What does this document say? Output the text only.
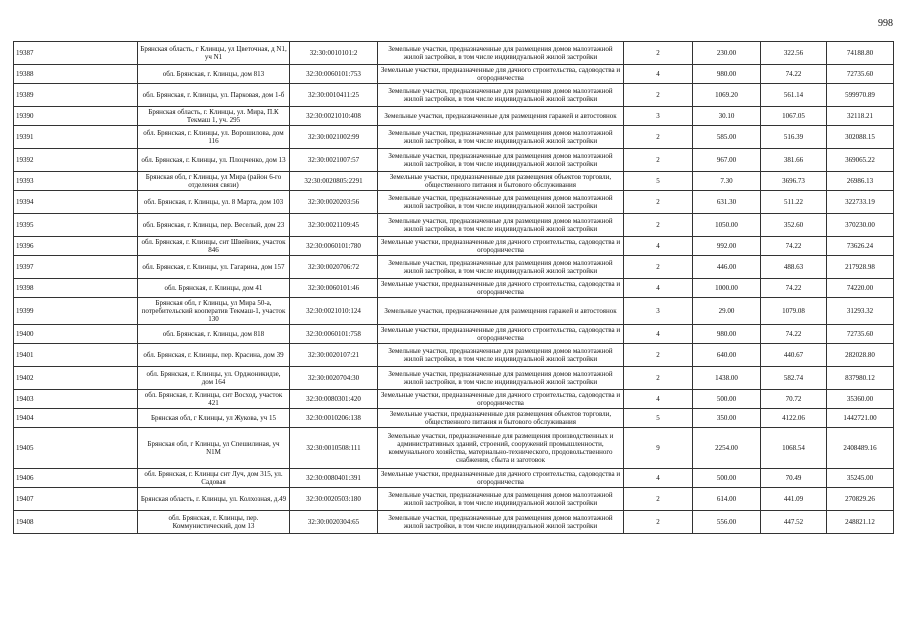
998
19387	Брянская область, г Клинцы, ул Цветочная, д N1, уч N1	32:30:0010101:2	Земельные участки, предназначенные для размещения домов малоэтажной жилой застройки, в том числе индивидуальной жилой застройки	2	230.00	322.56	74188.80
19388	обл. Брянская, г. Клинцы, дом 813	32:30:0060101:753	Земельные участки, предназначенные для дачного строительства, садоводства и огородничества	4	980.00	74.22	72735.60
19389	обл. Брянская, г. Клинцы, ул. Парковая, дом 1-б	32:30:0010411:25	Земельные участки, предназначенные для размещения домов малоэтажной жилой застройки, в том числе индивидуальной жилой застройки	2	1069.20	561.14	599970.89
19390	Брянская область, г. Клинцы, ул. Мира, П.К Текмаш 1, уч. 295	32:30:0021010:408	Земельные участки, предназначенные для размещения гаражей и автостоянок	3	30.10	1067.05	32118.21
19391	обл. Брянская, г. Клинцы, ул. Ворошилова, дом 116	32:30:0021002:99	Земельные участки, предназначенные для размещения домов малоэтажной жилой застройки, в том числе индивидуальной жилой застройки	2	585.00	516.39	302088.15
19392	обл. Брянская, г. Клинцы, ул. Плоцченко, дом 13	32:30:0021007:57	Земельные участки, предназначенные для размещения домов малоэтажной жилой застройки, в том числе индивидуальной жилой застройки	2	967.00	381.66	369065.22
19393	Брянская обл, г Клинцы, ул Мира (район 6-го отделения связи)	32:30:0020805:2291	Земельные участки, предназначенные для размещения объектов торговли, общественного питания и бытового обслуживания	5	7.30	3696.73	26986.13
19394	обл. Брянская, г. Клинцы, ул. 8 Марта, дом 103	32:30:0020203:56	Земельные участки, предназначенные для размещения домов малоэтажной жилой застройки, в том числе индивидуальной жилой застройки	2	631.30	511.22	322733.19
19395	обл. Брянская, г. Клинцы, пер. Веселый, дом 23	32:30:0021109:45	Земельные участки, предназначенные для размещения домов малоэтажной жилой застройки, в том числе индивидуальной жилой застройки	2	1050.00	352.60	370230.00
19396	обл. Брянская, г. Клинцы, снт Швейник, участок 846	32:30:0060101:780	Земельные участки, предназначенные для дачного строительства, садоводства и огородничества	4	992.00	74.22	73626.24
19397	обл. Брянская, г. Клинцы, ул. Гагарина, дом 157	32:30:0020706:72	Земельные участки, предназначенные для размещения домов малоэтажной жилой застройки, в том числе индивидуальной жилой застройки	2	446.00	488.63	217928.98
19398	обл. Брянская, г. Клинцы, дом 41	32:30:0060101:46	Земельные участки, предназначенные для дачного строительства, садоводства и огородничества	4	1000.00	74.22	74220.00
19399	Брянская обл, г Клинцы, ул Мира 50-а, потребительский кооператив Текмаш-1, участок 130	32:30:0021010:124	Земельные участки, предназначенные для размещения гаражей и автостоянок	3	29.00	1079.08	31293.32
19400	обл. Брянская, г. Клинцы, дом 818	32:30:0060101:758	Земельные участки, предназначенные для дачного строительства, садоводства и огородничества	4	980.00	74.22	72735.60
19401	обл. Брянская, г. Клинцы, пер. Красина, дом 39	32:30:0020107:21	Земельные участки, предназначенные для размещения домов малоэтажной жилой застройки, в том числе индивидуальной жилой застройки	2	640.00	440.67	282028.80
19402	обл. Брянская, г. Клинцы, ул. Орджоникидзе, дом 164	32:30:0020704:30	Земельные участки, предназначенные для размещения домов малоэтажной жилой застройки, в том числе индивидуальной жилой застройки	2	1438.00	582.74	837980.12
19403	обл. Брянская, г. Клинцы, снт Восход, участок 421	32:30:0080301:420	Земельные участки, предназначенные для дачного строительства, садоводства и огородничества	4	500.00	70.72	35360.00
19404	Брянская обл, г Клинцы, ул Жукова, уч 15	32:30:0010206:138	Земельные участки, предназначенные для размещения объектов торговли, общественного питания и бытового обслуживания	5	350.00	4122.06	1442721.00
19405	Брянская обл, г Клинцы, ул Спешилиная, уч N1М	32:30:0010508:111	Земельные участки, предназначенные для размещения производственных и административных зданий, строений, сооружений промышленности, коммунального хозяйства, материально-технического, продовольственного снабжения, сбыта и заготовок	9	2254.00	1068.54	2408489.16
19406	обл. Брянская, г. Клинцы снт Луч, дом 315, ул. Садовая	32:30:0080401:391	Земельные участки, предназначенные для дачного строительства, садоводства и огородничества	4	500.00	70.49	35245.00
19407	Брянская область, г. Клинцы, ул. Колхозная, д.49	32:30:0020503:180	Земельные участки, предназначенные для размещения домов малоэтажной жилой застройки, в том числе индивидуальной жилой застройки	2	614.00	441.09	270829.26
19408	обл. Брянская, г. Клинцы, пер. Коммунистический, дом 13	32:30:0020304:65	Земельные участки, предназначенные для размещения домов малоэтажной жилой застройки, в том числе индивидуальной жилой застройки	2	556.00	447.52	248821.12
